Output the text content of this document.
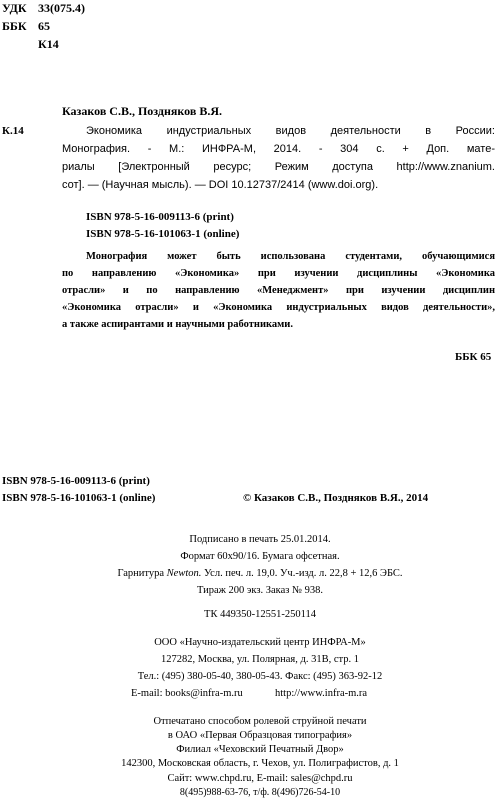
УДК 33(075.4)
ББК 65
К14
Казаков С.В., Поздняков В.Я.
К.14	Экономика индустриальных видов деятельности в России:
Монография. - М.: ИНФРА-М, 2014. - 304 с. + Доп. мате-
риалы [Электронный ресурс; Режим доступа http://www.znanium.
сот]. — (Научная мысль). — DOI 10.12737/2414 (www.doi.org).
ISBN 978-5-16-009113-6 (print)
ISBN 978-5-16-101063-1 (online)
Монография может быть использована студентами, обучающимися
по направлению «Экономика» при изучении дисциплины «Экономика
отрасли» и по направлению «Менеджмент» при изучении дисциплин
«Экономика отрасли» и «Экономика индустриальных видов деятельности»,
а также аспирантами и научными работниками.
ББК 65
ISBN 978-5-16-009113-6 (print)
ISBN 978-5-16-101063-1 (online)	© Казаков С.В., Поздняков В.Я., 2014
Подписано в печать 25.01.2014.
Формат 60х90/16. Бумага офсетная.
Гарнитура Newton. Усл. печ. л. 19,0. Уч.-изд. л. 22,8 + 12,6 ЭБС.
Тираж 200 экз. Заказ № 938.
ТК 449350-12551-250114
ООО «Научно-издательский центр ИНФРА-М»
127282, Москва, ул. Полярная, д. 31В, стр. 1
Тел.: (495) 380-05-40, 380-05-43. Факс: (495) 363-92-12
E-mail: books@infra-m.ru	http://www.infra-m.ra
Отпечатано способом ролевой струйной печати
в ОАО «Первая Образцовая типография»
Филиал «Чеховский Печатный Двор»
142300, Московская область, г. Чехов, ул. Полиграфистов, д. 1
Сайт: www.chpd.ru, E-mail: sales@chpd.ru
8(495)988-63-76, т/ф. 8(496)726-54-10
